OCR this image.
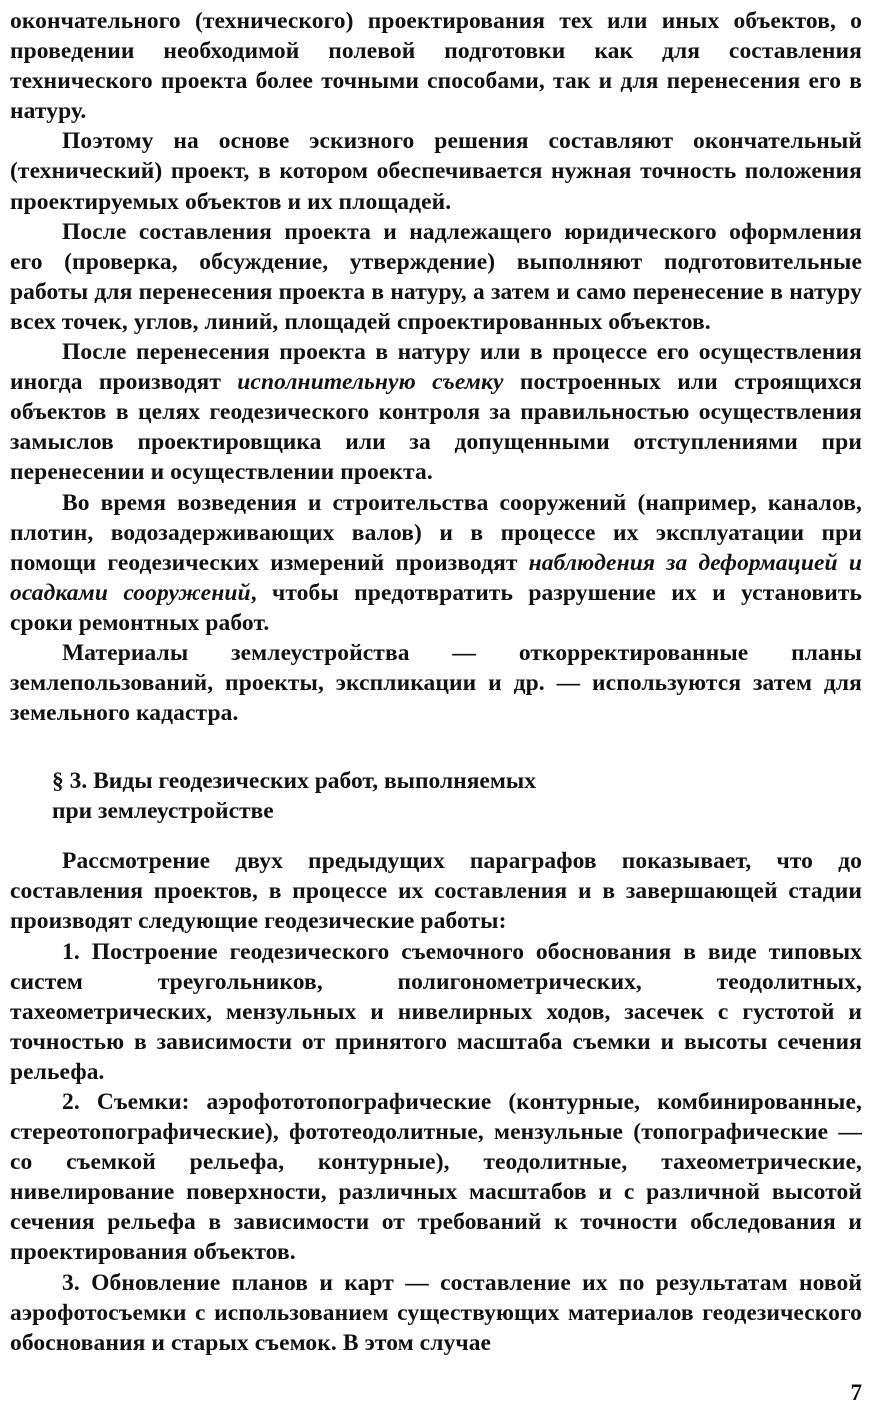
окончательного (технического) проектирования тех или иных объектов, о проведении необходимой полевой подготовки как для составления технического проекта более точными способами, так и для перенесения его в натуру.

Поэтому на основе эскизного решения составляют окончательный (технический) проект, в котором обеспечивается нужная точность положения проектируемых объектов и их площадей.

После составления проекта и надлежащего юридического оформления его (проверка, обсуждение, утверждение) выполняют подготовительные работы для перенесения проекта в натуру, а затем и само перенесение в натуру всех точек, углов, линий, площадей спроектированных объектов.

После перенесения проекта в натуру или в процессе его осуществления иногда производят исполнительную съемку построенных или строящихся объектов в целях геодезического контроля за правильностью осуществления замыслов проектировщика или за допущенными отступлениями при перенесении и осуществлении проекта.

Во время возведения и строительства сооружений (например, каналов, плотин, водозадерживающих валов) и в процессе их эксплуатации при помощи геодезических измерений производят наблюдения за деформацией и осадками сооружений, чтобы предотвратить разрушение их и установить сроки ремонтных работ.

Материалы землеустройства — откорректированные планы землепользований, проекты, экспликации и др. — используются затем для земельного кадастра.

§ 3. Виды геодезических работ, выполняемых
при землеустройстве

Рассмотрение двух предыдущих параграфов показывает, что до составления проектов, в процессе их составления и в завершающей стадии производят следующие геодезические работы:

1. Построение геодезического съемочного обоснования в виде типовых систем треугольников, полигонометрических, теодолитных, тахеометрических, мензульных и нивелирных ходов, засечек с густотой и точностью в зависимости от принятого масштаба съемки и высоты сечения рельефа.

2. Съемки: аэрофототопографические (контурные, комбинированные, стереотопографические), фототеодолитные, мензульные (топографические — со съемкой рельефа, контурные), теодолитные, тахеометрические, нивелирование поверхности, различных масштабов и с различной высотой сечения рельефа в зависимости от требований к точности обследования и проектирования объектов.

3. Обновление планов и карт — составление их по результатам новой аэрофотосъемки с использованием существующих материалов геодезического обоснования и старых съемок. В этом случае

7
